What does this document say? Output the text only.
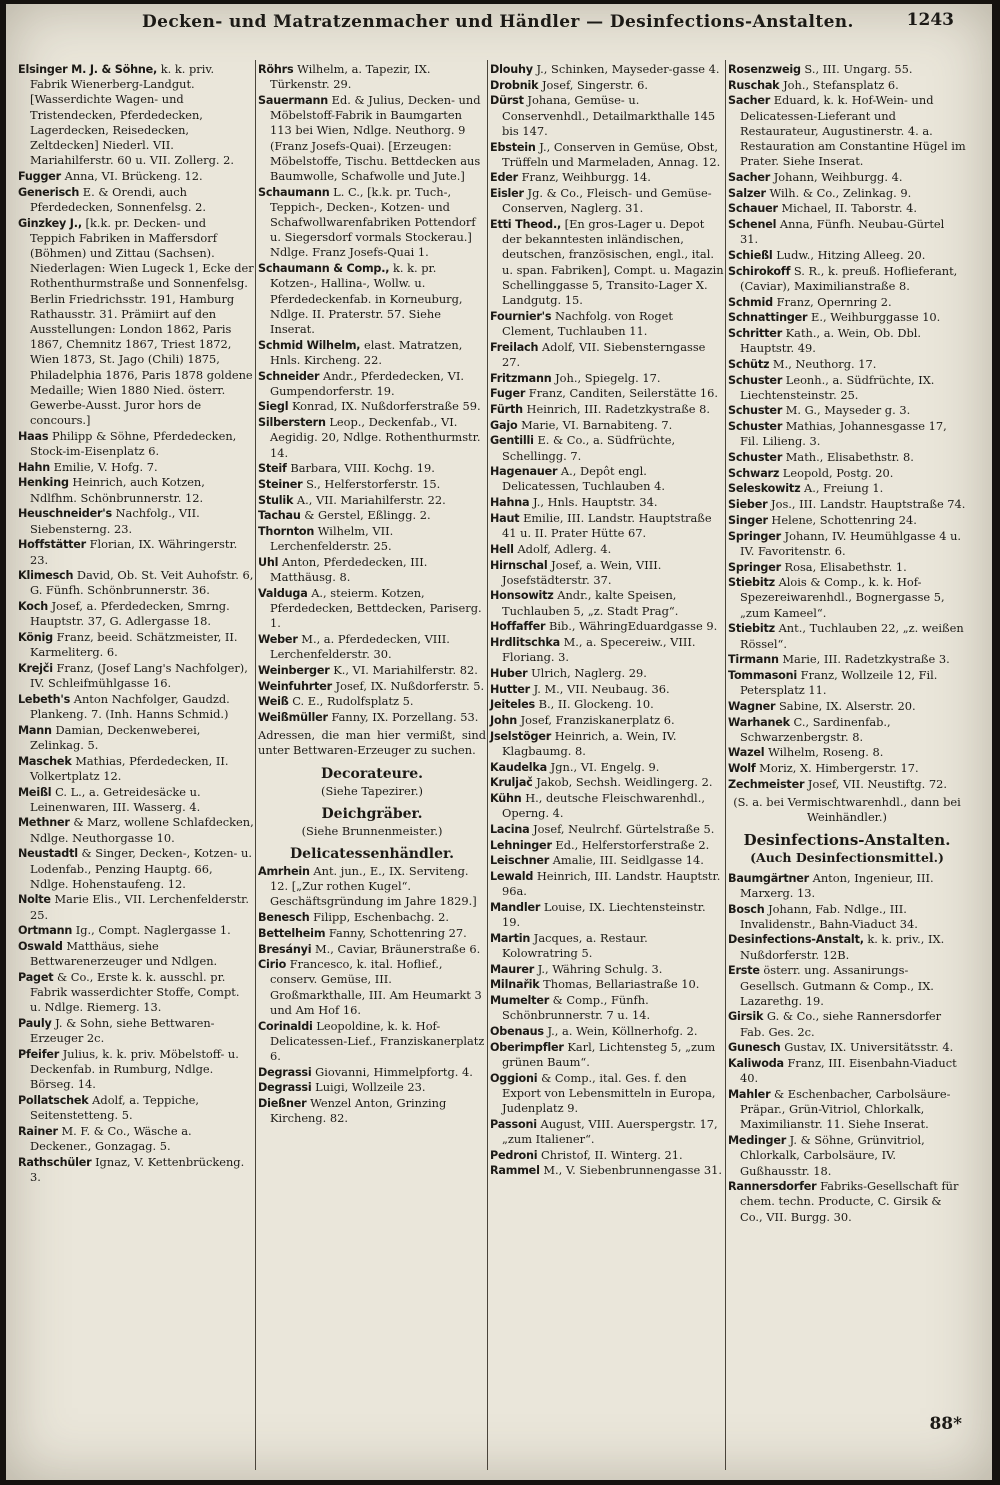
Decken- und Matratzenmacher und Händler — Desinfections-Anstalten.	1243
Elsinger M. J. & Söhne, k. k. priv. Fabrik Wienerberg-Landgut. [Wasserdichte Wagen- und Tristendecken, Pferdedecken, Lagerdecken, Reisedecken, Zeltdecken] Niederl. VII. Mariahilferstr. 60 u. VII. Zollerg. 2.
Fugger Anna, VI. Brückeng. 12.
Generisch E. & Orendi, auch Pferdedecken, Sonnenfelsg. 2.
Ginzkey J., [k.k. pr. Decken- und Teppich Fabriken in Maffersdorf (Böhmen) und Zittau (Sachsen). Niederlagen: Wien Lugeck 1, Ecke der Rothenthurmstraße und Sonnenfelsg. Berlin Friedrichsstr. 191, Hamburg Rathausstr. 31. Prämiirt auf den Ausstellungen: London 1862, Paris 1867, Chemnitz 1867, Triest 1872, Wien 1873, St. Jago (Chili) 1875, Philadelphia 1876, Paris 1878 goldene Medaille; Wien 1880 Nied. österr. Gewerbe-Ausst. Juror hors de concours.]
Haas Philipp & Söhne, Pferdedecken, Stock-im-Eisenplatz 6.
Hahn Emilie, V. Hofg. 7.
Henking Heinrich, auch Kotzen, Ndlfhm. Schönbrunnerstr. 12.
Heuschneider's Nachfolg., VII. Siebensterng. 23.
Hoffstätter Florian, IX. Währingerstr. 23.
Klimesch David, Ob. St. Veit Auhofstr. 6, G. Fünfh. Schönbrunnerstr. 36.
Koch Josef, a. Pferdedecken, Smrng. Hauptstr. 37, G. Adlergasse 18.
König Franz, beeid. Schätzmeister, II. Karmeliterg. 6.
Krejči Franz, (Josef Lang's Nachfolger), IV. Schleifmühlgasse 16.
Lebeth's Anton Nachfolger, Gaudzd. Plankeng. 7. (Inh. Hanns Schmid.)
Mann Damian, Deckenweberei, Zelinkag. 5.
Maschek Mathias, Pferdedecken, II. Volkertplatz 12.
Meißl C. L., a. Getreidesäcke u. Leinenwaren, III. Wasserg. 4.
Methner & Marz, wollene Schlafdecken, Ndlge. Neuthorgasse 10.
Neustadtl & Singer, Decken-, Kotzen- u. Lodenfab., Penzing Hauptg. 66, Ndlge. Hohenstaufeng. 12.
Nolte Marie Elis., VII. Lerchenfelderstr. 25.
Ortmann Ig., Compt. Naglergasse 1.
Oswald Matthäus, siehe Bettwarenerzeuger und Ndlgen.
Paget & Co., Erste k. k. ausschl. pr. Fabrik wasserdichter Stoffe, Compt. u. Ndlge. Riemerg. 13.
Pauly J. & Sohn, siehe Bettwaren-Erzeuger 2c.
Pfeifer Julius, k. k. priv. Möbelstoff- u. Deckenfab. in Rumburg, Ndlge. Börseg. 14.
Pollatschek Adolf, a. Teppiche, Seitenstetteng. 5.
Rainer M. F. & Co., Wäsche a. Deckener., Gonzagag. 5.
Rathschüler Ignaz, V. Kettenbrückeng. 3.
Röhrs Wilhelm, a. Tapezir, IX. Türkenstr. 29.
Sauermann Ed. & Julius, Decken- und Möbelstoff-Fabrik in Baumgarten 113 bei Wien, Ndlge. Neuthorg. 9 (Franz Josefs-Quai). [Erzeugen: Möbelstoffe, Tischu. Bettdecken aus Baumwolle, Schafwolle und Jute.]
Schaumann L. C., [k.k. pr. Tuch-, Teppich-, Decken-, Kotzen- und Schafwollwarenfabriken Pottendorf u. Siegersdorf vormals Stockerau.] Ndlge. Franz Josefs-Quai 1.
Schaumann & Comp., k. k. pr. Kotzen-, Hallina-, Wollw. u. Pferdedeckenfab. in Korneuburg, Ndlge. II. Praterstr. 57. Siehe Inserat.
Schmid Wilhelm, elast. Matratzen, Hnls. Kircheng. 22.
Schneider Andr., Pferdedecken, VI. Gumpendorferstr. 19.
Siegl Konrad, IX. Nußdorferstraße 59.
Silberstern Leop., Deckenfab., VI. Aegidig. 20, Ndlge. Rothenthurmstr. 14.
Steif Barbara, VIII. Kochg. 19.
Steiner S., Helferstorferstr. 15.
Stulik A., VII. Mariahilferstr. 22.
Tachau & Gerstel, Eßlingg. 2.
Thornton Wilhelm, VII. Lerchenfelderstr. 25.
Uhl Anton, Pferdedecken, III. Matthäusg. 8.
Valduga A., steierm. Kotzen, Pferdedecken, Bettdecken, Pariserg. 1.
Weber M., a. Pferdedecken, VIII. Lerchenfelderstr. 30.
Weinberger K., VI. Mariahilferstr. 82.
Weinfuhrter Josef, IX. Nußdorferstr. 5.
Weiß C. E., Rudolfsplatz 5.
Weißmüller Fanny, IX. Porzellang. 53.
Adressen, die man hier vermißt, sind unter Bettwaren-Erzeuger zu suchen.
Decorateure.
(Siehe Tapezirer.)
Deichgräber.
(Siehe Brunnenmeister.)
Delicatessenhändler.
Amrhein Ant. jun., E., IX. Serviteng. 12. [„Zur rothen Kugel“. Geschäftsgründung im Jahre 1829.]
Benesch Filipp, Eschenbachg. 2.
Bettelheim Fanny, Schottenring 27.
Bresányi M., Caviar, Bräunerstraße 6.
Cirio Francesco, k. ital. Hoflief., conserv. Gemüse, III. Großmarkthalle, III. Am Heumarkt 3 und Am Hof 16.
Corinaldi Leopoldine, k. k. Hof-Delicatessen-Lief., Franziskanerplatz 6.
Degrassi Giovanni, Himmelpfortg. 4.
Degrassi Luigi, Wollzeile 23.
Dießner Wenzel Anton, Grinzing Kircheng. 82.
Dlouhy J., Schinken, Mayseder-gasse 4.
Drobnik Josef, Singerstr. 6.
Dürst Johana, Gemüse- u. Conservenhdl., Detailmarkthalle 145 bis 147.
Ebstein J., Conserven in Gemüse, Obst, Trüffeln und Marmeladen, Annag. 12.
Eder Franz, Weihburgg. 14.
Eisler Jg. & Co., Fleisch- und Gemüse-Conserven, Naglerg. 31.
Etti Theod., [En gros-Lager u. Depot der bekanntesten inländischen, deutschen, französischen, engl., ital. u. span. Fabriken], Compt. u. Magazin Schellinggasse 5, Transito-Lager X. Landgutg. 15.
Fournier's Nachfolg. von Roget Clement, Tuchlauben 11.
Freilach Adolf, VII. Siebensterngasse 27.
Fritzmann Joh., Spiegelg. 17.
Fuger Franz, Canditen, Seilerstätte 16.
Fürth Heinrich, III. Radetzkystraße 8.
Gajo Marie, VI. Barnabiteng. 7.
Gentilli E. & Co., a. Südfrüchte, Schellingg. 7.
Hagenauer A., Depôt engl. Delicatessen, Tuchlauben 4.
Hahna J., Hnls. Hauptstr. 34.
Haut Emilie, III. Landstr. Hauptstraße 41 u. II. Prater Hütte 67.
Hell Adolf, Adlerg. 4.
Hirnschal Josef, a. Wein, VIII. Josefstädterstr. 37.
Honsowitz Andr., kalte Speisen, Tuchlauben 5, „z. Stadt Prag“.
Hoffaffer Bib., WähringEduardgasse 9.
Hrdlitschka M., a. Specereiw., VIII. Floriang. 3.
Huber Ulrich, Naglerg. 29.
Hutter J. M., VII. Neubaug. 36.
Jeiteles B., II. Glockeng. 10.
John Josef, Franziskanerplatz 6.
Jselstöger Heinrich, a. Wein, IV. Klagbaumg. 8.
Kaudelka Jgn., VI. Engelg. 9.
Kruljač Jakob, Sechsh. Weidlingerg. 2.
Kühn H., deutsche Fleischwarenhdl., Operng. 4.
Lacina Josef, Neulrchf. Gürtelstraße 5.
Lehninger Ed., Helferstorferstraße 2.
Leischner Amalie, III. Seidlgasse 14.
Lewald Heinrich, III. Landstr. Hauptstr. 96a.
Mandler Louise, IX. Liechtensteinstr. 19.
Martin Jacques, a. Restaur. Kolowratring 5.
Maurer J., Währing Schulg. 3.
Milnařik Thomas, Bellariastraße 10.
Mumelter & Comp., Fünfh. Schönbrunnerstr. 7 u. 14.
Obenaus J., a. Wein, Köllnerhofg. 2.
Oberimpfler Karl, Lichtensteg 5, „zum grünen Baum“.
Oggioni & Comp., ital. Ges. f. den Export von Lebensmitteln in Europa, Judenplatz 9.
Passoni August, VIII. Auerspergstr. 17, „zum Italiener“.
Pedroni Christof, II. Winterg. 21.
Rammel M., V. Siebenbrunnengasse 31.
Rosenzweig S., III. Ungarg. 55.
Ruschak Joh., Stefansplatz 6.
Sacher Eduard, k. k. Hof-Wein- und Delicatessen-Lieferant und Restaurateur, Augustinerstr. 4. a. Restauration am Constantine Hügel im Prater. Siehe Inserat.
Sacher Johann, Weihburgg. 4.
Salzer Wilh. & Co., Zelinkag. 9.
Schauer Michael, II. Taborstr. 4.
Schenel Anna, Fünfh. Neubau-Gürtel 31.
Schießl Ludw., Hitzing Alleeg. 20.
Schirokoff S. R., k. preuß. Hoflieferant, (Caviar), Maximilianstraße 8.
Schmid Franz, Opernring 2.
Schnattinger E., Weihburggasse 10.
Schritter Kath., a. Wein, Ob. Dbl. Hauptstr. 49.
Schütz M., Neuthorg. 17.
Schuster Leonh., a. Südfrüchte, IX. Liechtensteinstr. 25.
Schuster M. G., Mayseder g. 3.
Schuster Mathias, Johannesgasse 17, Fil. Lilieng. 3.
Schuster Math., Elisabethstr. 8.
Schwarz Leopold, Postg. 20.
Seleskowitz A., Freiung 1.
Sieber Jos., III. Landstr. Hauptstraße 74.
Singer Helene, Schottenring 24.
Springer Johann, IV. Heumühlgasse 4 u. IV. Favoritenstr. 6.
Springer Rosa, Elisabethstr. 1.
Stiebitz Alois & Comp., k. k. Hof-Spezereiwarenhdl., Bognergasse 5, „zum Kameel“.
Stiebitz Ant., Tuchlauben 22, „z. weißen Rössel“.
Tirmann Marie, III. Radetzkystraße 3.
Tommasoni Franz, Wollzeile 12, Fil. Petersplatz 11.
Wagner Sabine, IX. Alserstr. 20.
Warhanek C., Sardinenfab., Schwarzenbergstr. 8.
Wazel Wilhelm, Roseng. 8.
Wolf Moriz, X. Himbergerstr. 17.
Zechmeister Josef, VII. Neustiftg. 72.
(S. a. bei Vermischtwarenhdl., dann bei Weinhändler.)
Desinfections-Anstalten.
(Auch Desinfectionsmittel.)
Baumgärtner Anton, Ingenieur, III. Marxerg. 13.
Bosch Johann, Fab. Ndlge., III. Invalidenstr., Bahn-Viaduct 34.
Desinfections-Anstalt, k. k. priv., IX. Nußdorferstr. 12B.
Erste österr. ung. Assanirungs-Gesellsch. Gutmann & Comp., IX. Lazarethg. 19.
Girsik G. & Co., siehe Rannersdorfer Fab. Ges. 2c.
Gunesch Gustav, IX. Universitätsstr. 4.
Kaliwoda Franz, III. Eisenbahn-Viaduct 40.
Mahler & Eschenbacher, Carbolsäure-Präpar., Grün-Vitriol, Chlorkalk, Maximilianstr. 11. Siehe Inserat.
Medinger J. & Söhne, Grünvitriol, Chlorkalk, Carbolsäure, IV. Gußhausstr. 18.
Rannersdorfer Fabriks-Gesellschaft für chem. techn. Producte, C. Girsik & Co., VII. Burgg. 30.
88*
